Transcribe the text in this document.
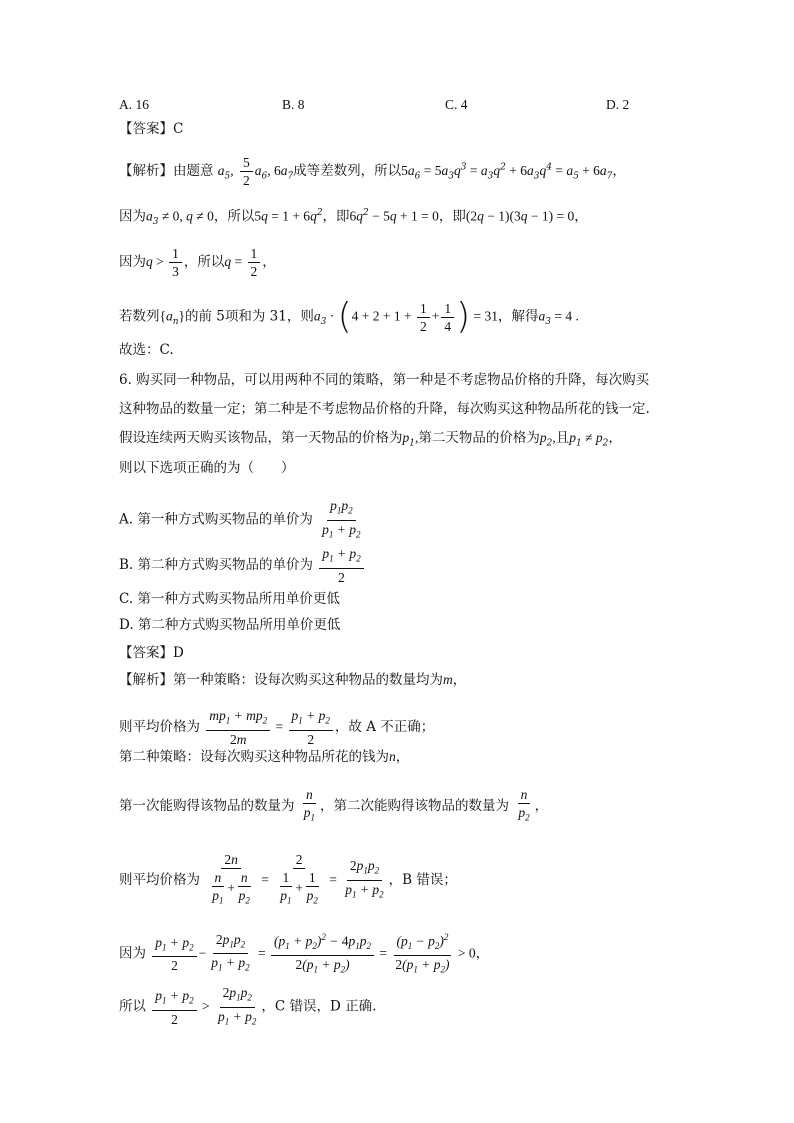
A. 16	B. 8	C. 4	D. 2
【答案】C
【解析】由题意 $a_5$, $\frac{5}{2} a_6$, $6a_7$成等差数列，所以$5a_6 = 5a_3q^3 = a_3q^2 + 6a_3q^4 = a_5 + 6a_7$，
因为$a_3 \ne 0$, q ≠ 0，所以$5q = 1 + 6q^2$，即$6q^2 - 5q + 1 = 0$，即(2q − 1)(3q − 1) = 0，
因为$q > \frac{1}{3}$ ，所以$q = \frac{1}{2}$ ，
若数列$\{a_n\}$的前 5项和为 31，则$a_3 \cdot (4 + 2 + 1 + \frac{1}{2} + \frac{1}{4}$ ) = 31，解得$a_3 = 4$ .
故选：C.
6. 购买同一种物品，可以用两种不同的策略，第一种是不考虑物品价格的升降，每次购买
这种物品的数量一定；第二种是不考虑物品价格的升降，每次购买这种物品所花的钱一定.
假设连续两天购买该物品，第一天物品的价格为$p_1$,第二天物品的价格为$p_2$,且$p_1 \ne p_2$，
则以下选项正确的为（　　）
A. 第一种方式购买物品的单价为 $\frac{p_1p_2}{p_1 + p_2}$
B. 第二种方式购买物品的单价为 $\frac{p_1 + p_2}{2}$
C. 第一种方式购买物品所用单价更低
D. 第二种方式购买物品所用单价更低
【答案】D
【解析】第一种策略：设每次购买这种物品的数量均为m，
则平均价格为 $\frac{mp_1 + mp_2}{2m} = \frac{p_1 + p_2}{2}$ ，故 A 不正确；
第二种策略：设每次购买这种物品所花的钱为n，
第一次能购得该物品的数量为 $\frac{n}{p_1}$ ，第二次能购得该物品的数量为 $\frac{n}{p_2}$ ，
则平均价格为 $\frac{2n}{\frac{n}{p_1} + \frac{n}{p_2}} = \frac{2}{\frac{1}{p_1} + \frac{1}{p_2}} = \frac{2p_1p_2}{p_1 + p_2}$ ，B 错误；
因为 $\frac{p_1 + p_2}{2} - \frac{2p_1p_2}{p_1 + p_2} = \frac{(p_1 + p_2)^2 - 4p_1p_2}{2(p_1 + p_2)} = \frac{(p_1 - p_2)^2}{2(p_1 + p_2)} > 0$，
所以 $\frac{p_1 + p_2}{2} > \frac{2p_1p_2}{p_1 + p_2}$ ，C 错误，D 正确.
